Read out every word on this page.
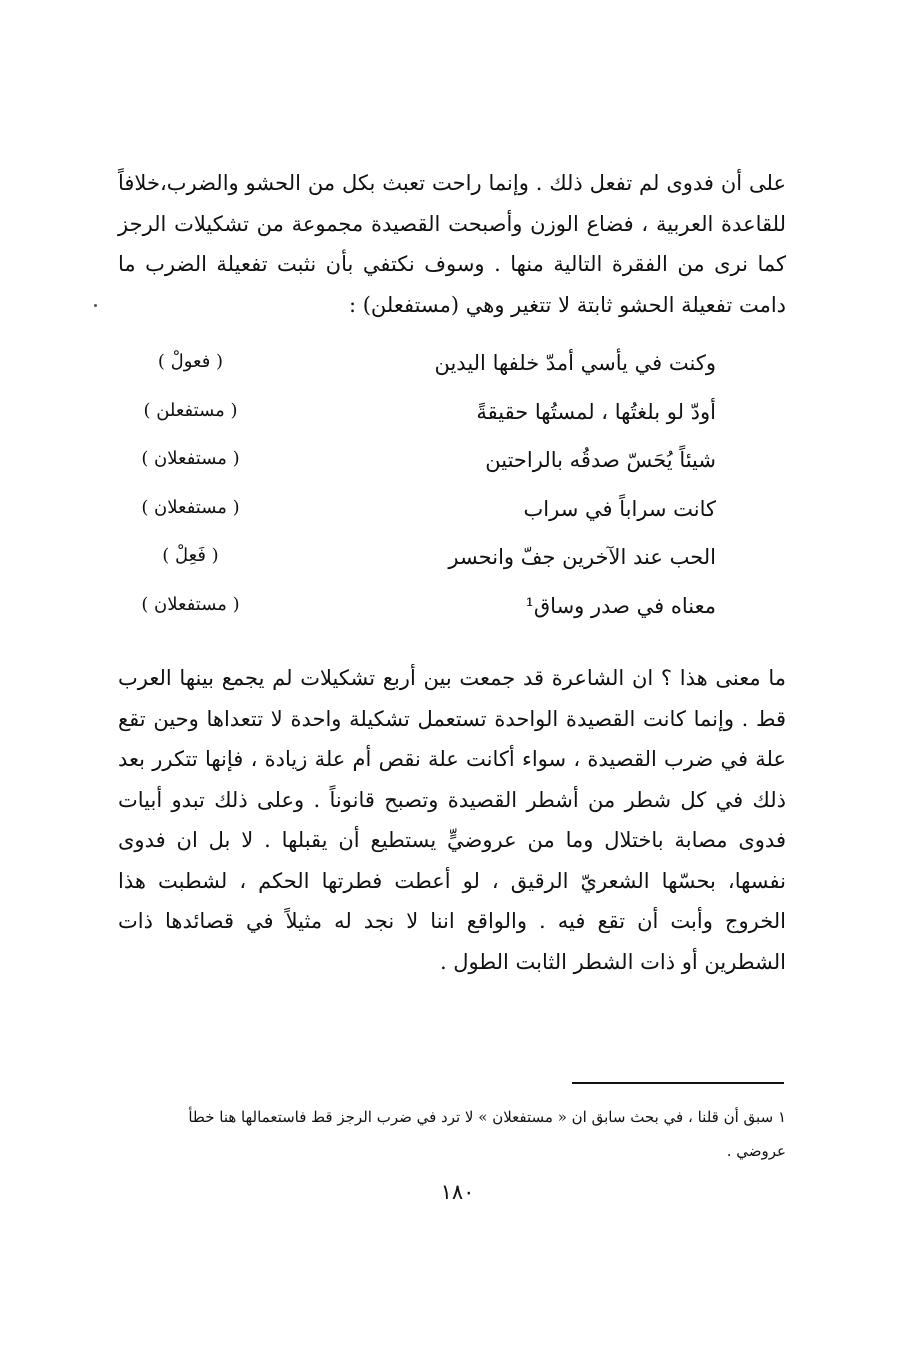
على أن فدوى لم تفعل ذلك . وإنما راحت تعبث بكل من الحشو والضرب،خلافاً للقاعدة العربية ، فضاع الوزن وأصبحت القصيدة مجموعة من تشكيلات الرجز كما نرى من الفقرة التالية منها . وسوف نكتفي بأن نثبت تفعيلة الضرب ما دامت تفعيلة الحشو ثابتة لا تتغير وهي (مستفعلن) :

وكنت في يأسي أمدّ خلفها اليدين
( فعولْ )
أودّ لو بلغتُها ، لمستُها حقيقةً
( مستفعلن )
شيئاً يُحَسّ صدقُه بالراحتين
( مستفعلان )
كانت سراباً في سراب
( مستفعلان )
الحب عند الآخرين جفّ وانحسر
( فَعِلْ )
معناه في صدر وساق¹
( مستفعلان )

ما معنى هذا ؟ ان الشاعرة قد جمعت بين أربع تشكيلات لم يجمع بينها العرب قط . وإنما كانت القصيدة الواحدة تستعمل تشكيلة واحدة لا تتعداها وحين تقع علة في ضرب القصيدة ، سواء أكانت علة نقص أم علة زيادة ، فإنها تتكرر بعد ذلك في كل شطر من أشطر القصيدة وتصبح قانوناً . وعلى ذلك تبدو أبيات فدوى مصابة باختلال وما من عروضيٍّ يستطيع أن يقبلها . لا بل ان فدوى نفسها، بحسّها الشعريّ الرقيق ، لو أعطت فطرتها الحكم ، لشطبت هذا الخروج وأبت أن تقع فيه . والواقع اننا لا نجد له مثيلاً في قصائدها ذات الشطرين أو ذات الشطر الثابت الطول .

١ سبق أن قلنا ، في بحث سابق ان « مستفعلان » لا ترد في ضرب الرجز قط فاستعمالها هنا خطأ
عروضي .
١٨٠
